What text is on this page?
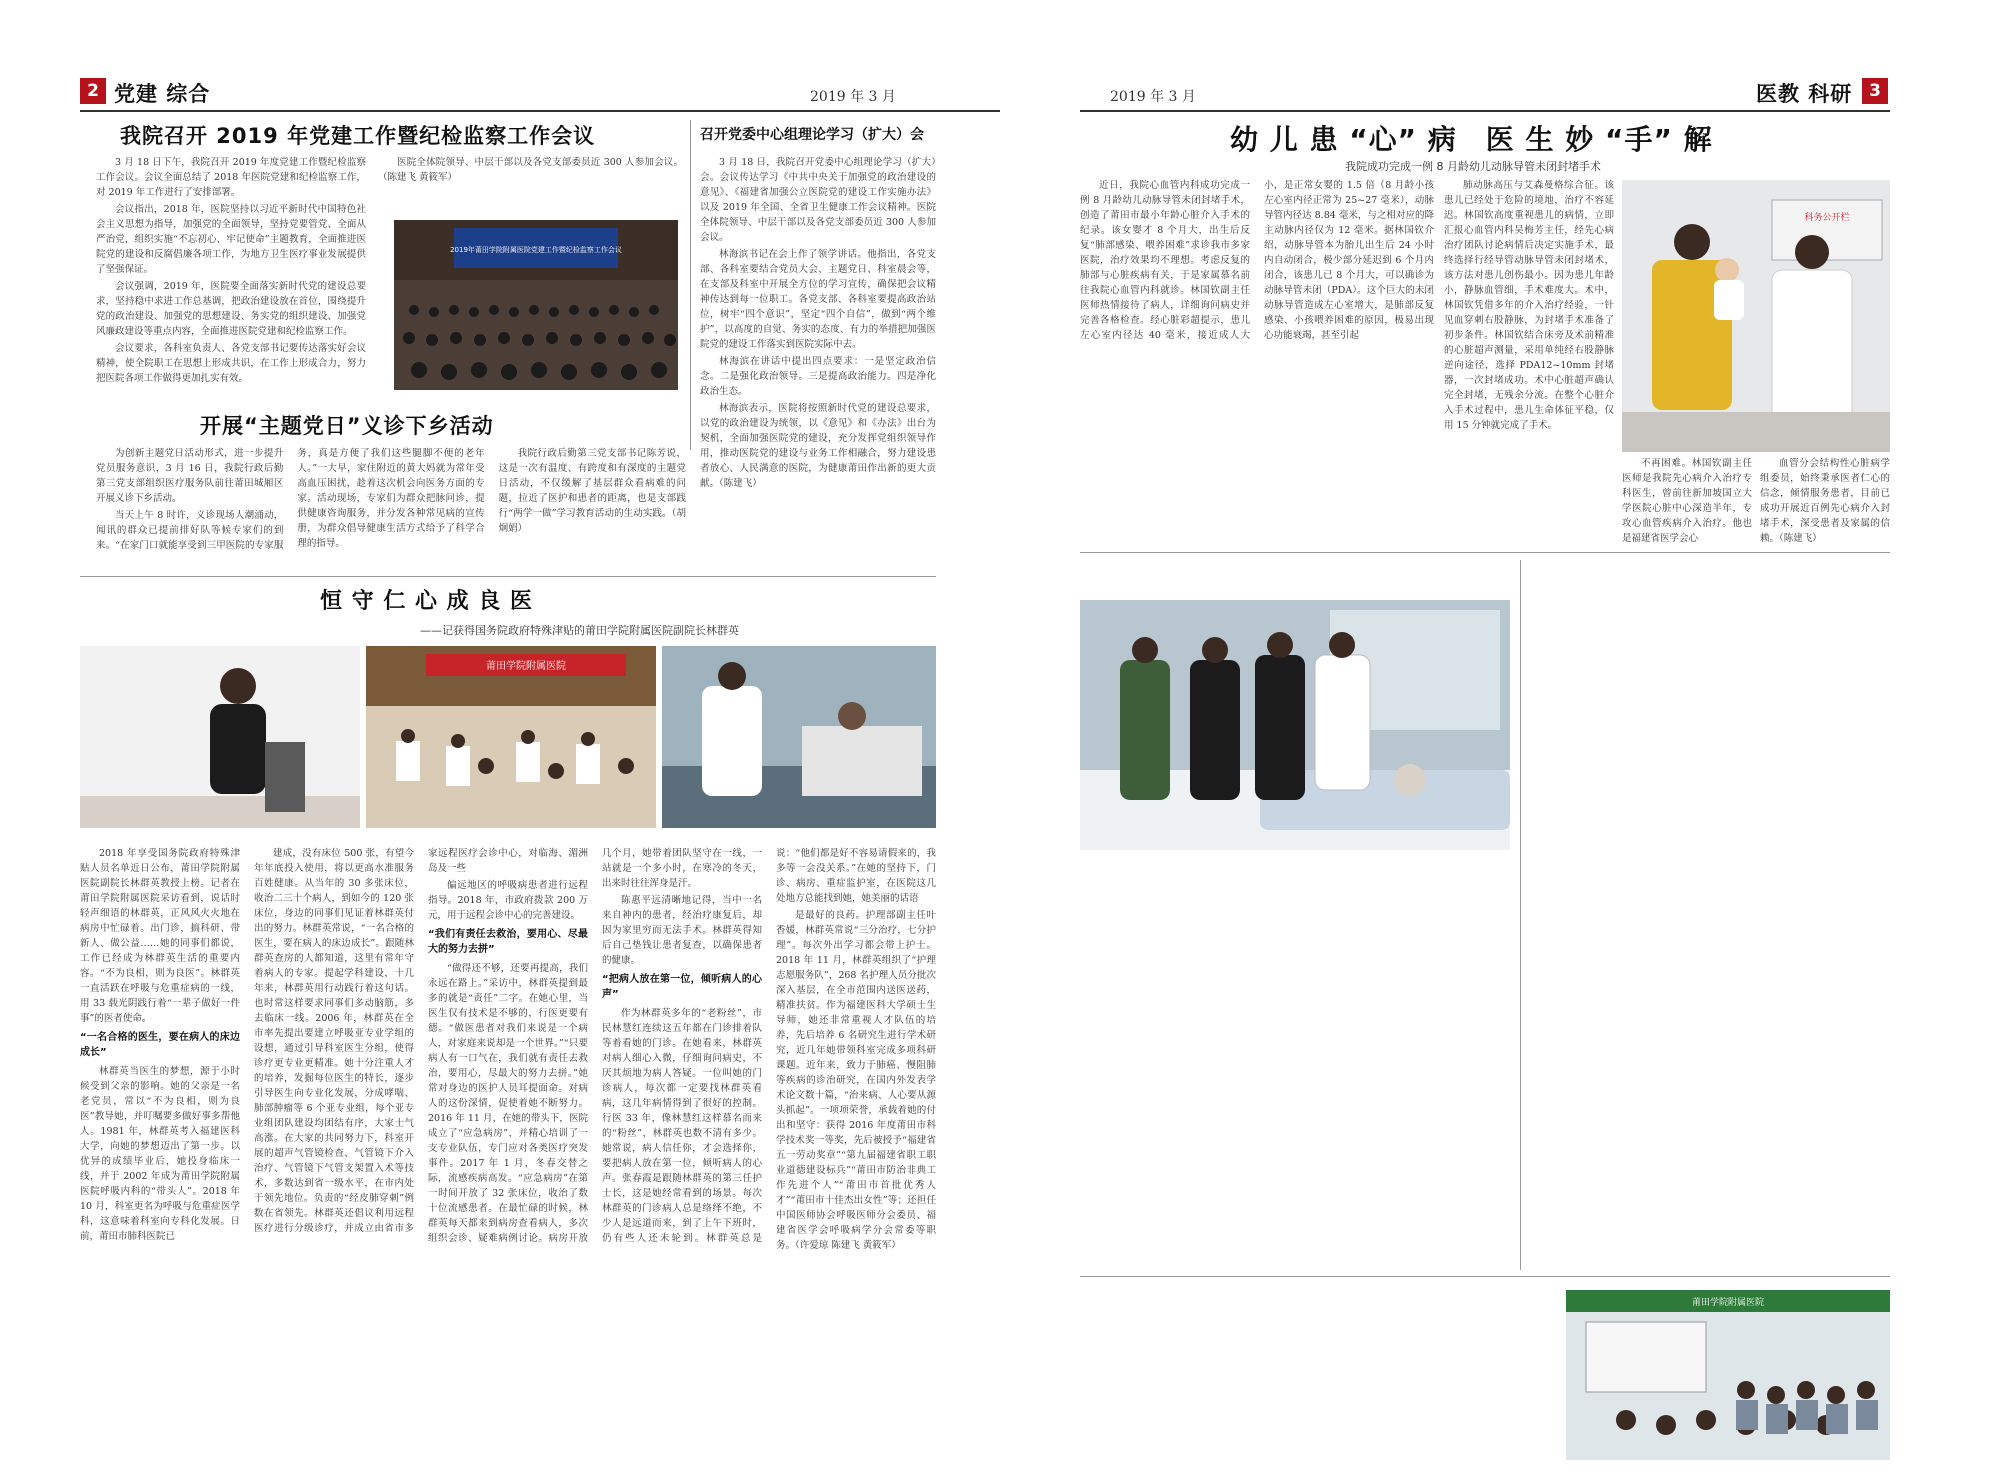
2 党建 综合	2019 年 3 月
我院召开 2019 年党建工作暨纪检监察工作会议

3 月 18 日下午，我院召开 2019 年度党建工作暨纪检监察工作会议。会议全面总结了 2018 年医院党建和纪检监察工作，对 2019 年工作进行了安排部署。

会议指出，2018 年，医院坚持以习近平新时代中国特色社会主义思想为指导，加强党的全面领导，坚持党要管党、全面从严治党，组织实施“不忘初心、牢记使命”主题教育，全面推进医院党的建设和反腐倡廉各项工作，为地方卫生医疗事业发展提供了坚强保证。

会议强调，2019 年，医院要全面落实新时代党的建设总要求，坚持稳中求进工作总基调，把政治建设放在首位，围绕提升党的政治建设、加强党的思想建设、务实党的组织建设、加强党风廉政建设等重点内容，全面推进医院党建和纪检监察工作。

会议要求，各科室负责人、各党支部书记要传达落实好会议精神，使全院职工在思想上形成共识，在工作上形成合力，努力把医院各项工作做得更加扎实有效。

医院全体院领导、中层干部以及各党支部委员近 300 人参加会议。（陈建飞 黄筱军）

2019年莆田学院附属医院党建工作暨纪检监察工作会议
召开党委中心组理论学习（扩大）会

3 月 18 日，我院召开党委中心组理论学习（扩大）会。会议传达学习《中共中央关于加强党的政治建设的意见》、《福建省加强公立医院党的建设工作实施办法》以及 2019 年全国、全省卫生健康工作会议精神。医院全体院领导、中层干部以及各党支部委员近 300 人参加会议。

林海滨书记在会上作了领学讲话。他指出，各党支部、各科室要结合党员大会、主题党日、科室晨会等，在支部及科室中开展全方位的学习宣传，确保把会议精神传达到每一位职工。各党支部、各科室要提高政治站位，树牢“四个意识”，坚定“四个自信”，做到“两个维护”，以高度的自觉、务实的态度、有力的举措把加强医院党的建设工作落实到医院实际中去。

林海滨在讲话中提出四点要求：一是坚定政治信念。二是强化政治领导。三是提高政治能力。四是净化政治生态。

林海滨表示，医院将按照新时代党的建设总要求，以党的政治建设为统领，以《意见》和《办法》出台为契机，全面加强医院党的建设，充分发挥党组织领导作用，推动医院党的建设与业务工作相融合，努力建设患者放心、人民满意的医院，为健康莆田作出新的更大贡献。（陈建飞）

开展“主题党日”义诊下乡活动

为创新主题党日活动形式，进一步提升党员服务意识，3 月 16 日，我院行政后勤第三党支部组织医疗服务队前往莆田城厢区开展义诊下乡活动。

当天上午 8 时许，义诊现场人潮涌动，闻讯的群众已提前排好队等候专家们的到来。“在家门口就能享受到三甲医院的专家服务，真是方便了我们这些腿脚不便的老年人。”一大早，家住附近的黄大妈就为常年受高血压困扰，趁着这次机会向医务方面的专家。活动现场，专家们为群众把脉问诊，提供健康咨询服务，并分发各种常见病的宣传册，为群众倡导健康生活方式给予了科学合理的指导。

我院行政后勤第三党支部书记陈芳说，这是一次有温度、有跨度和有深度的主题党日活动，不仅缓解了基层群众看病难的问题，拉近了医护和患者的距离，也是支部践行“两学一做”学习教育活动的生动实践。（胡炯娟）

恒 守 仁 心 成 良 医
——记获得国务院政府特殊津贴的莆田学院附属医院副院长林群英
莆田学院附属医院

2018 年享受国务院政府特殊津贴人员名单近日公布，莆田学院附属医院副院长林群英教授上榜。记者在莆田学院附属医院采访看到，说话时轻声细语的林群英，正风风火火地在病房中忙碌着。出门诊，搞科研、带新人、做公益……她的同事们都说，工作已经成为林群英生活的重要内容。“不为良相，则为良医”。林群英一直活跃在呼吸与危重症病的一线，用 33 载光阴践行着“一辈子做好一件事”的医者使命。

“一名合格的医生，要在病人的床边成长”

林群英当医生的梦想，源于小时候受到父亲的影响。她的父亲是一名老党员，常以“不为良相，则为良医”教导她，并叮嘱要多做好事多帮他人。1981 年，林群英考入福建医科大学，向她的梦想迈出了第一步。以优异的成绩毕业后，她投身临床一线，并于 2002 年成为莆田学院附属医院呼吸内科的“带头人”。2018 年 10 月，科室更名为呼吸与危重症医学科，这意味着科室向专科化发展。日前，莆田市肺科医院已

建成，没有床位 500 张，有望今年年底投入使用，将以更高水准服务百姓健康。从当年的 30 多张床位，收治二三十个病人，到如今的 120 张床位，身边的同事们见证着林群英付出的努力。林群英常说，“一名合格的医生，要在病人的床边成长”。跟随林群英查房的人都知道，这里有常年守着病人的专家。提起学科建设，十几年来，林群英用行动践行着这句话。也时常这样要求同事们多动脑筋，多去临床一线。2006 年，林群英在全市率先提出要建立呼吸亚专业学组的设想，通过引导科室医生分组，使得诊疗更专业更精准。她十分注重人才的培养，发掘每位医生的特长，逐步引导医生向专业化发展，分成哮喘、肺部肿瘤等 6 个亚专业组，每个亚专业组团队建设均团结有序，大家士气高涨。在大家的共同努力下，科室开展的超声气管镜检查、气管镜下介入治疗、气管镜下气管支架置入术等技术，多数达到省一级水平，在市内处于领先地位。负责的“经皮肺穿刺”例数在省领先。林群英还倡议利用远程医疗进行分级诊疗，并成立由省市多家远程医疗会诊中心，对临海、湄洲岛及一些

偏远地区的呼吸病患者进行远程指导。2018 年，市政府拨款 200 万元，用于远程会诊中心的完善建设。

“我们有责任去救治，要用心、尽最大的努力去拼”

“做得还不够，还要再提高，我们永远在路上。”采访中，林群英提到最多的就是“责任”二字。在她心里，当医生仅有技术是不够的，行医更要有德。“做医患者对我们来说是一个病人，对家庭来说却是一个世界。”“只要病人有一口气在，我们就有责任去救治，要用心，尽最大的努力去拼。”她常对身边的医护人员耳提面命。对病人的这份深情，促使着她不断努力。2016 年 11 月，在她的带头下，医院成立了“应急病房”，并精心培训了一支专业队伍，专门应对各类医疗突发事件。2017 年 1 月，冬春交替之际，流感疾病高发。“应急病房”在第一时间开放了 32 张床位，收治了数十位流感患者。在最忙碌的时候，林群英每天都来到病房查看病人，多次组织会诊、疑难病例讨论。病房开放几个月，她带着团队坚守在一线，一站就是一个多小时，在寒冷的冬天，出来时往往浑身是汗。

陈惠平远清晰地记得，当中一名来自神内的患者，经治疗康复后，却因为家里穷而无法手术。林群英得知后自己垫钱让患者复查，以确保患者的健康。

“把病人放在第一位，倾听病人的心声”

作为林群英多年的“老粉丝”，市民林慧红连续这五年都在门诊排着队等着看她的门诊。在她看来，林群英对病人细心入微，仔细询问病史，不厌其烦地为病人答疑。一位叫她的门诊病人，每次都一定要找林群英看病，这几年病情得到了很好的控制。行医 33 年，像林慧红这样慕名而来的“粉丝”，林群英也数不清有多少。她常说，病人信任你，才会选择你，要把病人放在第一位，倾听病人的心声。张春霞是跟随林群英的第三任护士长，这是她经常看到的场景。每次林群英的门诊病人总是络绎不绝，不少人是远道而来，到了上午下班时，仍有些人还未轮到。林群英总是说：“他们都是好不容易请假来的，我多等一会没关系。”在她的坚持下，门诊、病房、重症监护室，在医院这几处地方总能找到她，她美丽的话语

是最好的良药。护理部副主任叶香媛，林群英常说“三分治疗，七分护理”。每次外出学习都会带上护士。2018 年 11 月，林群英组织了“护理志愿服务队”，268 名护理人员分批次深入基层，在全市范围内送医送药，精准扶贫。作为福建医科大学硕士生导师，她还非常重视人才队伍的培养，先后培养 6 名研究生进行学术研究，近几年她带领科室完成多项科研课题。近年来，致力于肺癌、慢阻肺等疾病的诊治研究，在国内外发表学术论文数十篇，“治来病、人心要从源头抓起”。一项项荣誉，承载着她的付出和坚守：获得 2016 年度莆田市科学技术奖一等奖，先后被授予“福建省五一劳动奖章”“第九届福建省职工职业道德建设标兵”“莆田市防治非典工作先进个人”“莆田市首批优秀人才”“莆田市十佳杰出女性”等；还担任中国医师协会呼吸医师分会委员、福建省医学会呼吸病学分会常委等职务。（许爱琼 陈建飞 黄筱军）

2019 年 3 月	医教 科研 3
幼 儿 患 “心” 病　医 生 妙 “手” 解
我院成功完成一例 8 月龄幼儿动脉导管未闭封堵手术

近日，我院心血管内科成功完成一例 8 月龄幼儿动脉导管未闭封堵手术，创造了莆田市最小年龄心脏介入手术的纪录。该女婴才 8 个月大，出生后反复“肺部感染、喂养困难”求诊我市多家医院，治疗效果均不理想。考虑反复的肺部与心脏疾病有关，于是家属慕名前往我院心血管内科就诊。林国钦副主任医师热情接待了病人，详细询问病史并完善各格检查。经心脏彩超提示，患儿左心室内径达 40 毫米，接近成人大小，是正常女婴的 1.5 倍（8 月龄小孩左心室内径正常为 25~27 毫米），动脉导管内径达 8.84 毫米，与之相对应的降主动脉内径仅为 12 毫米。据林国钦介绍，动脉导管本为胎儿出生后 24 小时内自动闭合，极少部分延迟到 6 个月内闭合，该患儿已 8 个月大，可以确诊为动脉导管未闭（PDA）。这个巨大的未闭动脉导管造成左心室增大，是肺部反复感染、小孩喂养困难的原因，极易出现心功能衰竭，甚至引起

肺动脉高压与艾森曼格综合征。该患儿已经处于危险的境地，治疗不容延迟。林国钦高度重视患儿的病情，立即汇报心血管内科吴梅芳主任，经先心病治疗团队讨论病情后决定实施手术，最终选择行经导管动脉导管未闭封堵术，该方法对患儿创伤最小。因为患儿年龄小，静脉血管细，手术难度大。术中，林国钦凭借多年的介入治疗经验，一针见血穿刺右股静脉，为封堵手术准备了初步条件。林国钦结合床旁及术前精准的心脏超声测量，采用单纯经右股静脉逆向途径，选择 PDA12~10mm 封堵器，一次封堵成功。术中心脏超声确认完全封堵，无残余分流。在整个心脏介入手术过程中，患儿生命体征平稳，仅用 15 分钟就完成了手术。

科务公开栏

不再困难。林国钦副主任医师是我院先心病介入治疗专科医生，曾前往新加坡国立大学医院心脏中心深造半年，专攻心血管疾病介入治疗。他也是福建省医学会心

血管分会结构性心脏病学组委员，始终秉承医者仁心的信念，倾情服务患者，目前已成功开展近百例先心病介入封堵手术，深受患者及家属的信赖。（陈建飞）

莆田学院附属医院
